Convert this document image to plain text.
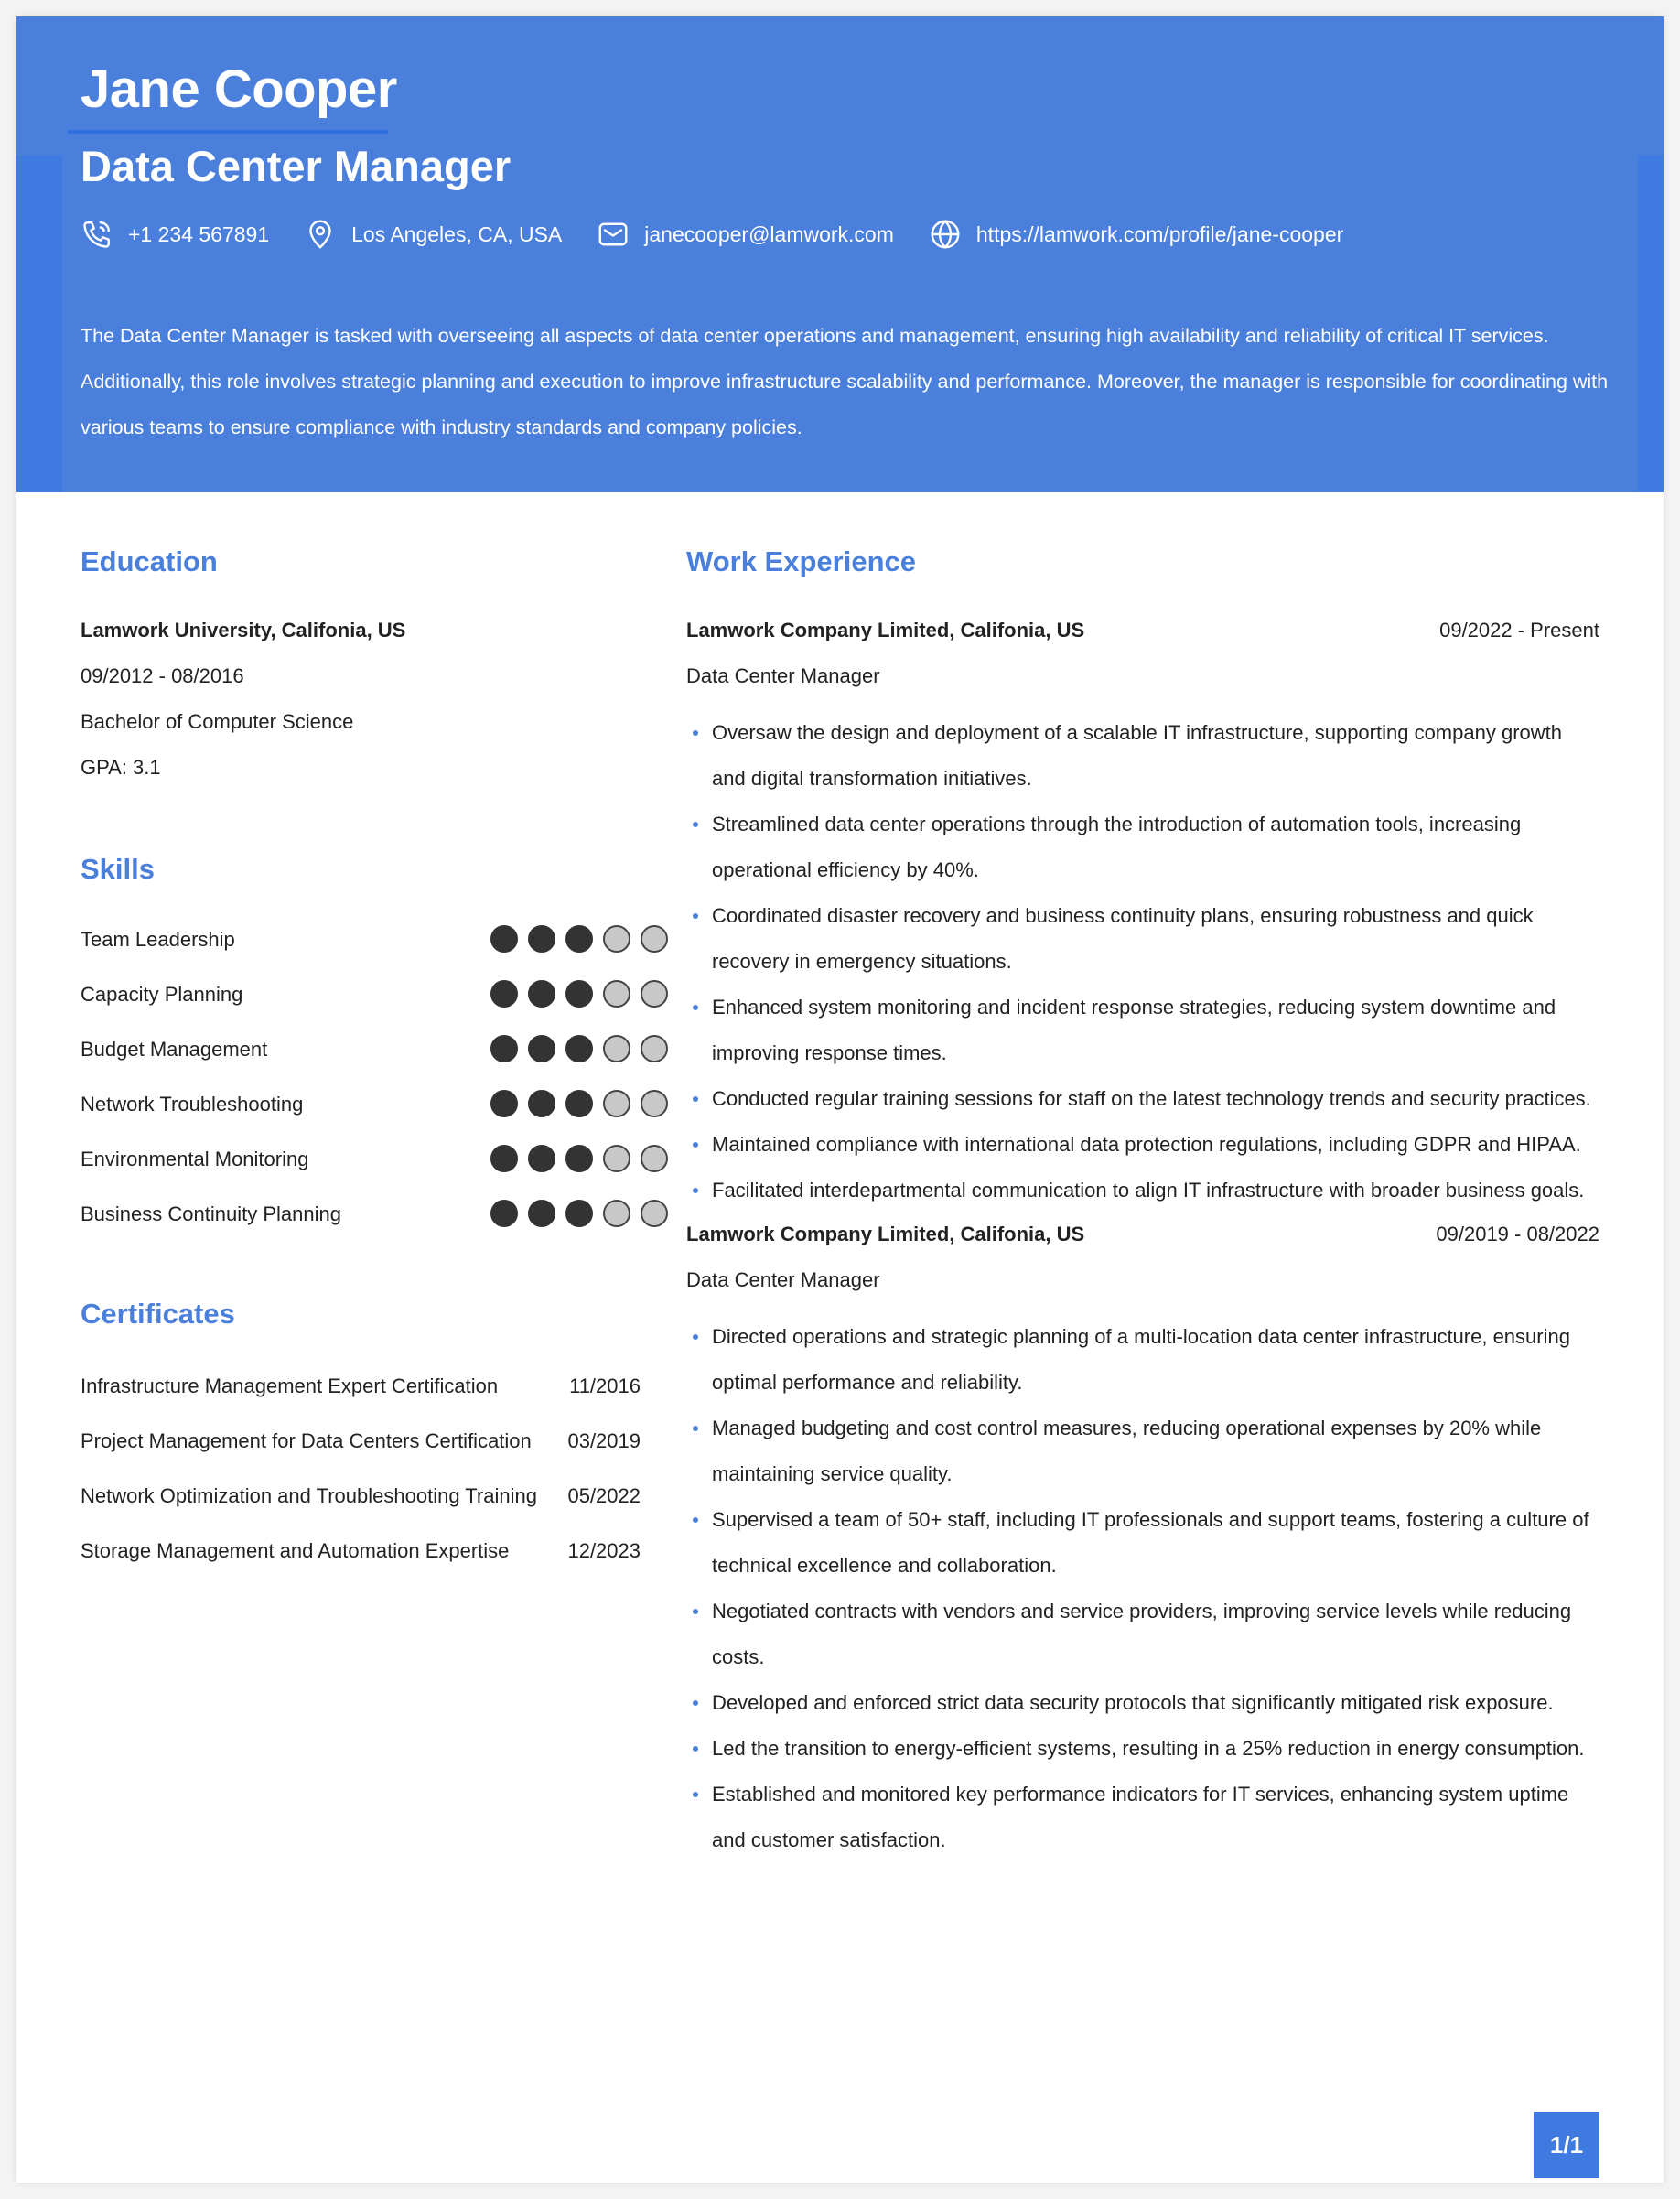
Jane Cooper
Data Center Manager
+1 234 567891	Los Angeles, CA, USA	janecooper@lamwork.com	https://lamwork.com/profile/jane-cooper

The Data Center Manager is tasked with overseeing all aspects of data center operations and management, ensuring high availability and reliability of critical IT services. Additionally, this role involves strategic planning and execution to improve infrastructure scalability and performance. Moreover, the manager is responsible for coordinating with various teams to ensure compliance with industry standards and company policies.

Education
Lamwork University, Califonia, US
09/2012 - 08/2016
Bachelor of Computer Science
GPA: 3.1
Skills
Team Leadership
Capacity Planning
Budget Management
Network Troubleshooting
Environmental Monitoring
Business Continuity Planning
Certificates
Infrastructure Management Expert Certification	11/2016
Project Management for Data Centers Certification 03/2019
Network Optimization and Troubleshooting Training 05/2022
Storage Management and Automation Expertise	12/2023
Work Experience
Lamwork Company Limited, Califonia, US	09/2022 - Present
Data Center Manager
Oversaw the design and deployment of a scalable IT infrastructure, supporting company growth and digital transformation initiatives.
Streamlined data center operations through the introduction of automation tools, increasing operational efficiency by 40%.
Coordinated disaster recovery and business continuity plans, ensuring robustness and quick recovery in emergency situations.
Enhanced system monitoring and incident response strategies, reducing system downtime and improving response times.
Conducted regular training sessions for staff on the latest technology trends and security practices.
Maintained compliance with international data protection regulations, including GDPR and HIPAA.
Facilitated interdepartmental communication to align IT infrastructure with broader business goals.
Lamwork Company Limited, Califonia, US	09/2019 - 08/2022
Data Center Manager
Directed operations and strategic planning of a multi-location data center infrastructure, ensuring optimal performance and reliability.
Managed budgeting and cost control measures, reducing operational expenses by 20% while maintaining service quality.
Supervised a team of 50+ staff, including IT professionals and support teams, fostering a culture of technical excellence and collaboration.
Negotiated contracts with vendors and service providers, improving service levels while reducing costs.
Developed and enforced strict data security protocols that significantly mitigated risk exposure.
Led the transition to energy-efficient systems, resulting in a 25% reduction in energy consumption.
Established and monitored key performance indicators for IT services, enhancing system uptime and customer satisfaction.
1/1
